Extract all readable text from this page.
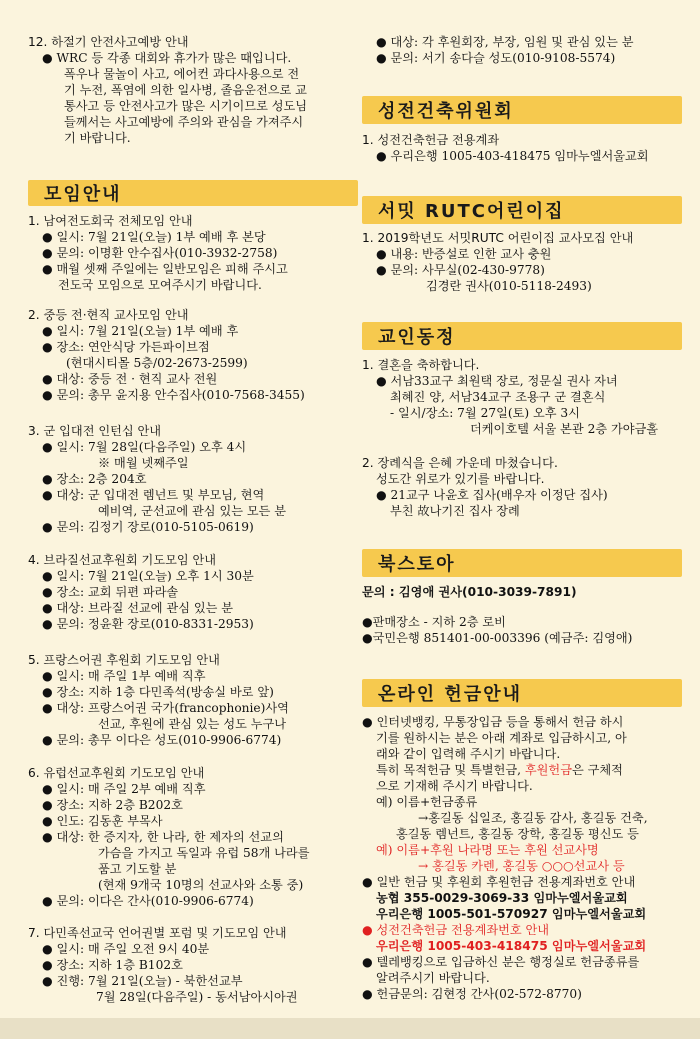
12. 하절기 안전사고예방 안내
● WRC 등 각종 대회와 휴가가 많은 때입니다.
폭우나 물놀이 사고, 에어컨 과다사용으로 전
기 누전, 폭염에 의한 일사병, 졸음운전으로 교
통사고 등 안전사고가 많은 시기이므로 성도님
들께서는 사고예방에 주의와 관심을 가져주시
기 바랍니다.
모임안내
1. 남여전도회국 전체모임 안내
● 일시: 7월 21일(오늘) 1부 예배 후 본당
● 문의: 이명환 안수집사(010-3932-2758)
● 매월 셋째 주일에는 일반모임은 피해 주시고
전도국 모임으로 모여주시기 바랍니다.
2. 중등 전·현직 교사모임 안내
● 일시: 7월 21일(오늘) 1부 예배 후
● 장소: 연안식당 가든파이브점
(현대시티몰 5층/02-2673-2599)
● 대상: 중등 전 · 현직 교사 전원
● 문의: 총무 윤지용 안수집사(010-7568-3455)
3. 군 입대전 인턴십 안내
● 일시: 7월 28일(다음주일) 오후 4시
※ 매월 넷째주일
● 장소: 2층 204호
● 대상: 군 입대전 렘넌트 및 부모님, 현역
예비역, 군선교에 관심 있는 모든 분
● 문의: 김정기 장로(010-5105-0619)
4. 브라질선교후원회 기도모임 안내
● 일시: 7월 21일(오늘) 오후 1시 30분
● 장소: 교회 뒤편 파라솔
● 대상: 브라질 선교에 관심 있는 분
● 문의: 정윤환 장로(010-8331-2953)
5. 프랑스어권 후원회 기도모임 안내
● 일시: 매 주일 1부 예배 직후
● 장소: 지하 1층 다민족석(방송실 바로 앞)
● 대상: 프랑스어권 국가(francophonie)사역
선교, 후원에 관심 있는 성도 누구나
● 문의: 총무 이다은 성도(010-9906-6774)
6. 유럽선교후원회 기도모임 안내
● 일시: 매 주일 2부 예배 직후
● 장소: 지하 2층 B202호
● 인도: 김동훈 부목사
● 대상: 한 증지자, 한 나라, 한 제자의 선교의
가슴을 가지고 독일과 유럽 58개 나라를
품고 기도할 분
(현재 9개국 10명의 선교사와 소통 중)
● 문의: 이다은 간사(010-9906-6774)
7. 다민족선교국 언어권별 포럼 및 기도모임 안내
● 일시: 매 주일 오전 9시 40분
● 장소: 지하 1층 B102호
● 진행: 7월 21일(오늘) - 북한선교부
7월 28일(다음주일) - 동서남아시아권
● 대상: 각 후원회장, 부장, 임원 및 관심 있는 분
● 문의: 서기 송다슬 성도(010-9108-5574)
성전건축위원회
1. 성전건축헌금 전용계좌
● 우리은행 1005-403-418475 임마누엘서울교회
서밋 RUTC어린이집
1. 2019학년도 서밋RUTC 어린이집 교사모집 안내
● 내용: 반증설로 인한 교사 충원
● 문의: 사무실(02-430-9778)
김경란 권사(010-5118-2493)
교인동정
1. 결혼을 축하합니다.
● 서남33교구 최원택 장로, 정문실 권사 자녀
최혜진 양, 서남34교구 조용구 군 결혼식
- 일시/장소: 7월 27일(토) 오후 3시
더케이호텔 서울 본관 2층 가야금홀
2. 장례식을 은혜 가운데 마쳤습니다.
성도간 위로가 있기를 바랍니다.
● 21교구 나윤호 집사(배우자 이정단 집사)
부친 故나기진 집사 장례
북스토아
문의 : 김영애 권사(010-3039-7891)
●판매장소 - 지하 2층 로비
●국민은행 851401-00-003396 (예금주: 김영애)
온라인 헌금안내
● 인터넷뱅킹, 무통장입금 등을 통해서 헌금 하시
기를 원하시는 분은 아래 계좌로 입금하시고, 아
래와 같이 입력해 주시기 바랍니다.
특히 목적헌금 및 특별헌금, 후원헌금은 구체적
으로 기재해 주시기 바랍니다.
예) 이름+헌금종류
→홍길동 십일조, 홍길동 감사, 홍길동 건축,
홍길동 렘넌트, 홍길동 장학, 홍길동 평신도 등
예) 이름+후원 나라명 또는 후원 선교사명
→ 홍길동 카렌, 홍길동 ○○○선교사 등
● 일반 헌금 및 후원회 후원헌금 전용계좌번호 안내
농협 355-0029-3069-33 임마누엘서울교회
우리은행 1005-501-570927 임마누엘서울교회
● 성전건축헌금 전용계좌번호 안내
우리은행 1005-403-418475 임마누엘서울교회
● 텔레뱅킹으로 입금하신 분은 행정실로 헌금종류를
알려주시기 바랍니다.
● 헌금문의: 김현정 간사(02-572-8770)
